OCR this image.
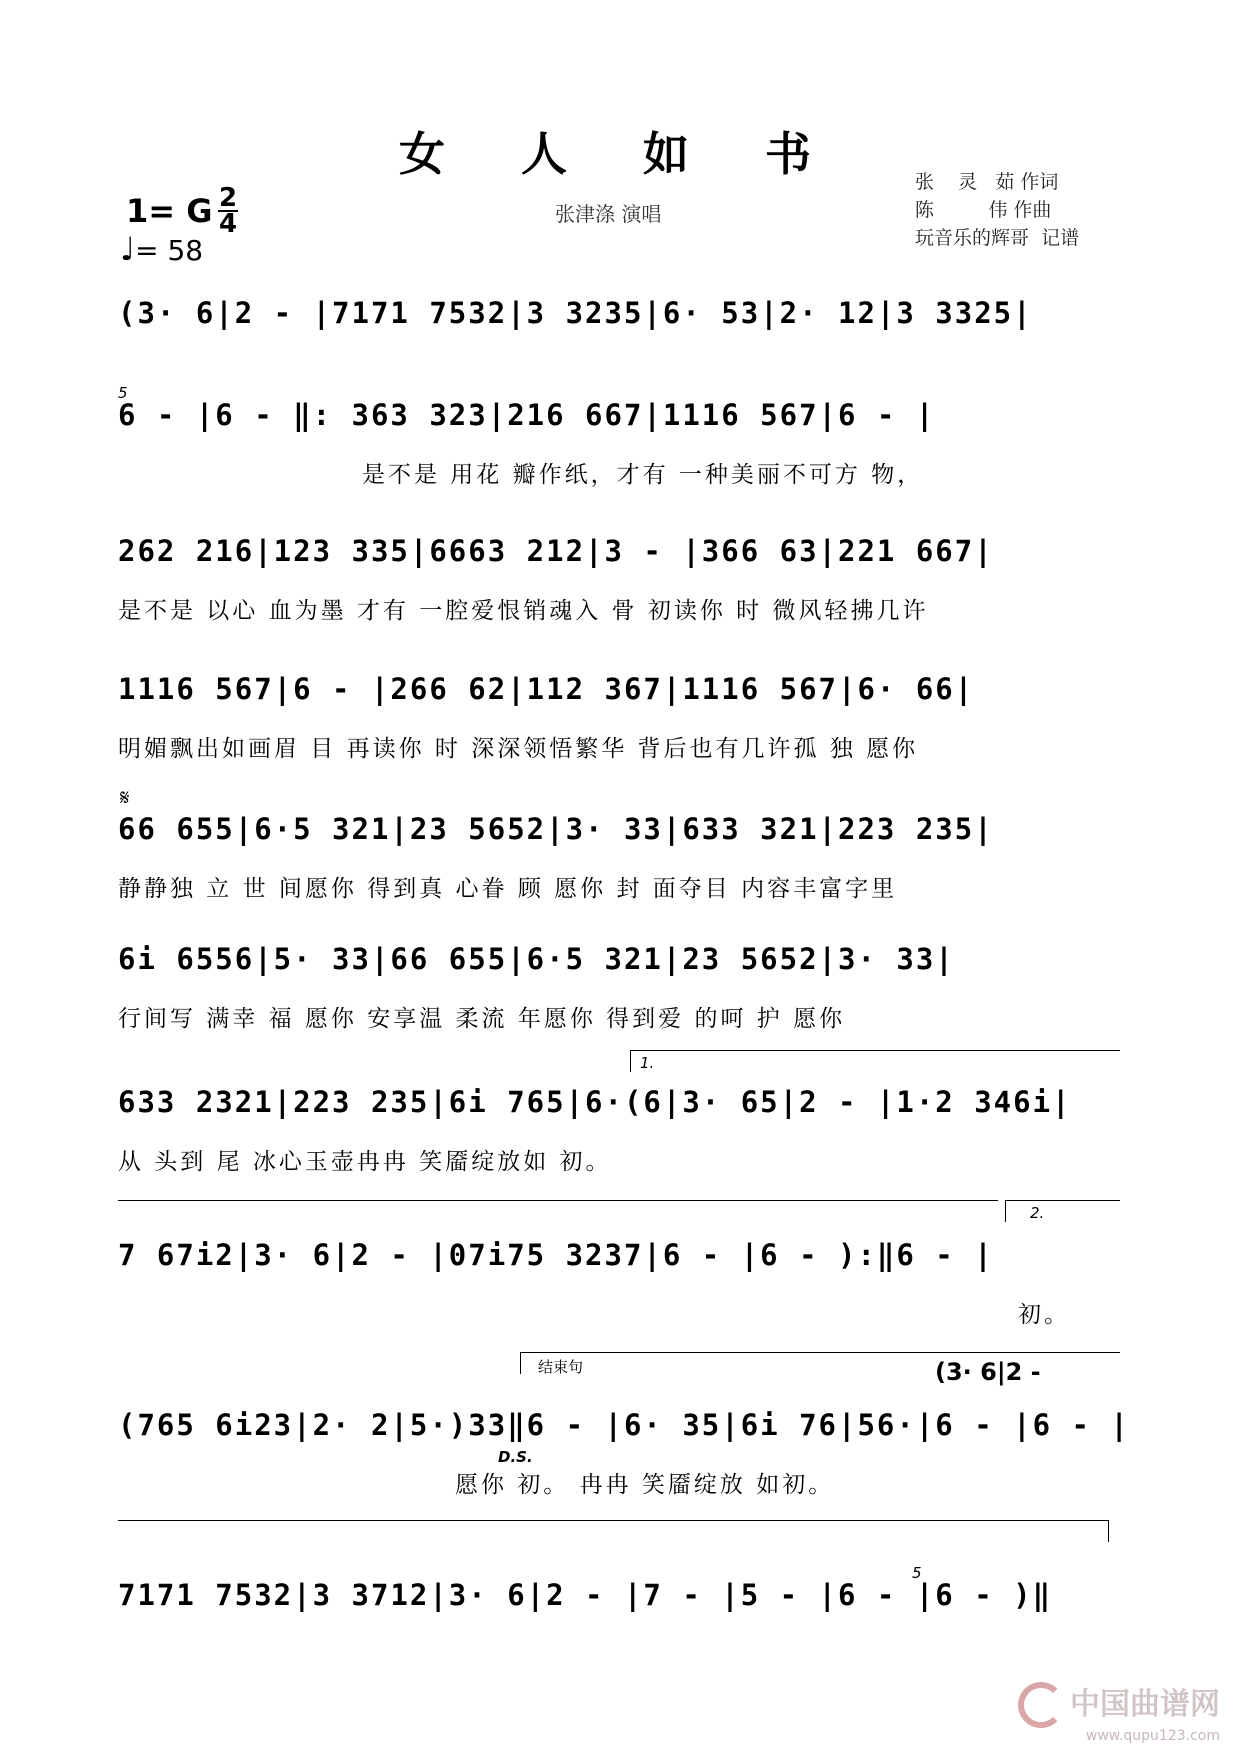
女 人 如 书
1= G 2
4
♩= 58
张津涤 演唱
张    灵   茹 作词
陈         伟 作曲
玩音乐的辉哥  记谱
(3· 6|2 - |7171 7532|3 3235|6· 53|2· 12|3 3325|
5
6 - |6 - ‖: 363 323|216 667|1116 567|6 - |
是不是 用花 瓣作纸，才有 一种美丽不可方 物，
262 216|123 335|6663 212|3 - |366 63|221 667|
是不是 以心 血为墨 才有 一腔爱恨销魂入 骨 初读你 时 微风轻拂几许
1116 567|6 - |266 62|112 367|1116 567|6· 66|
明媚飘出如画眉 目 再读你 时 深深领悟繁华 背后也有几许孤 独 愿你
𝄋
66 655|6·5 321|23 5652|3· 33|633 321|223 235|
静静独 立 世 间愿你 得到真 心眷 顾 愿你 封 面夺目 内容丰富字里
6i 6556|5· 33|66 655|6·5 321|23 5652|3· 33|
行间写 满幸 福 愿你 安享温 柔流 年愿你 得到爱 的呵 护 愿你
1.
633 2321|223 235|6i 765|6·(6|3· 65|2 - |1·2 346i|
从 头到 尾 冰心玉壶冉冉 笑靥绽放如 初。
2.
7 67i2|3· 6|2 - |07i75 3237|6 - |6 - ):‖6 - |
初。
结束句	(3· 6|2 -
(765 6i23|2· 2|5·)33‖6 - |6· 35|6i 76|56·|6 - |6 - |
D.S.
愿你 初。 冉冉 笑靥绽放 如初。
5
7171 7532|3 3712|3· 6|2 - |7 - |5 - |6 - |6 - )‖
中国曲谱网
www.qupu123.com
